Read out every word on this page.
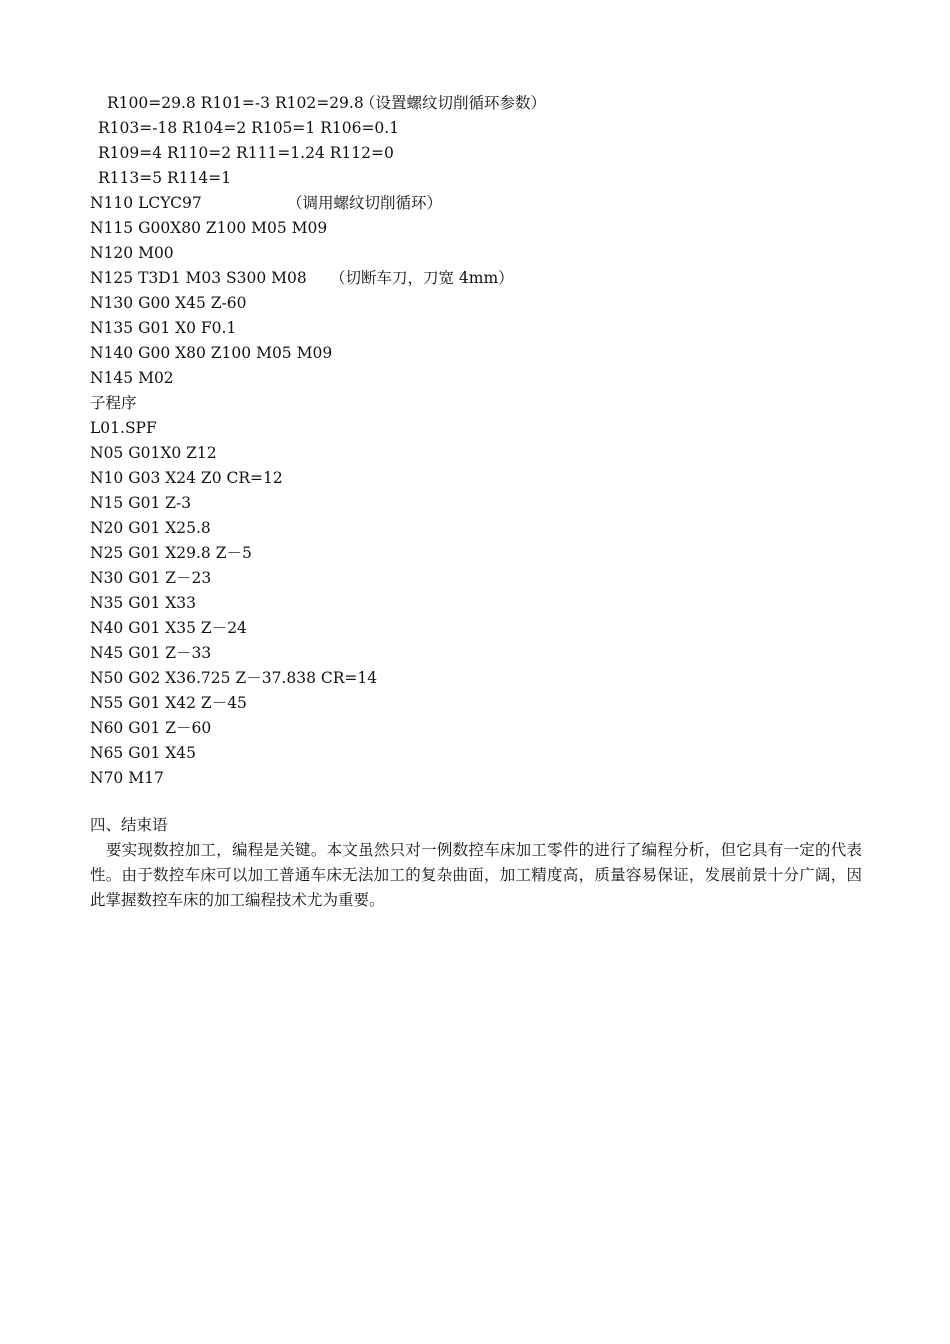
R100=29.8 R101=-3 R102=29.8
（设置螺纹切削循环参数）
R103=-18 R104=2 R105=1 R106=0.1
R109=4 R110=2 R111=1.24 R112=0
R113=5 R114=1
N110 LCYC97	（调用螺纹切削循环）
N115 G00X80 Z100 M05 M09
N120 M00
N125 T3D1 M03 S300 M08 （切断车刀，刀宽 4mm）
N130 G00 X45 Z-60
N135 G01 X0 F0.1
N140 G00 X80 Z100 M05 M09
N145 M02
子程序
L01.SPF
N05 G01X0 Z12
N10 G03 X24 Z0 CR=12
N15 G01 Z-3
N20 G01 X25.8
N25 G01 X29.8 Z－5
N30 G01 Z－23
N35 G01 X33
N40 G01 X35 Z－24
N45 G01 Z－33
N50 G02 X36.725 Z－37.838 CR=14
N55 G01 X42 Z－45
N60 G01 Z－60
N65 G01 X45
N70 M17
四、结束语
要实现数控加工，编程是关键。本文虽然只对一例数控车床加工零件的进行了编程分析，但它具有一定的代表性。由于数控车床可以加工普通车床无法加工的复杂曲面，加工精度高，质量容易保证，发展前景十分广阔，因此掌握数控车床的加工编程技术尤为重要。
